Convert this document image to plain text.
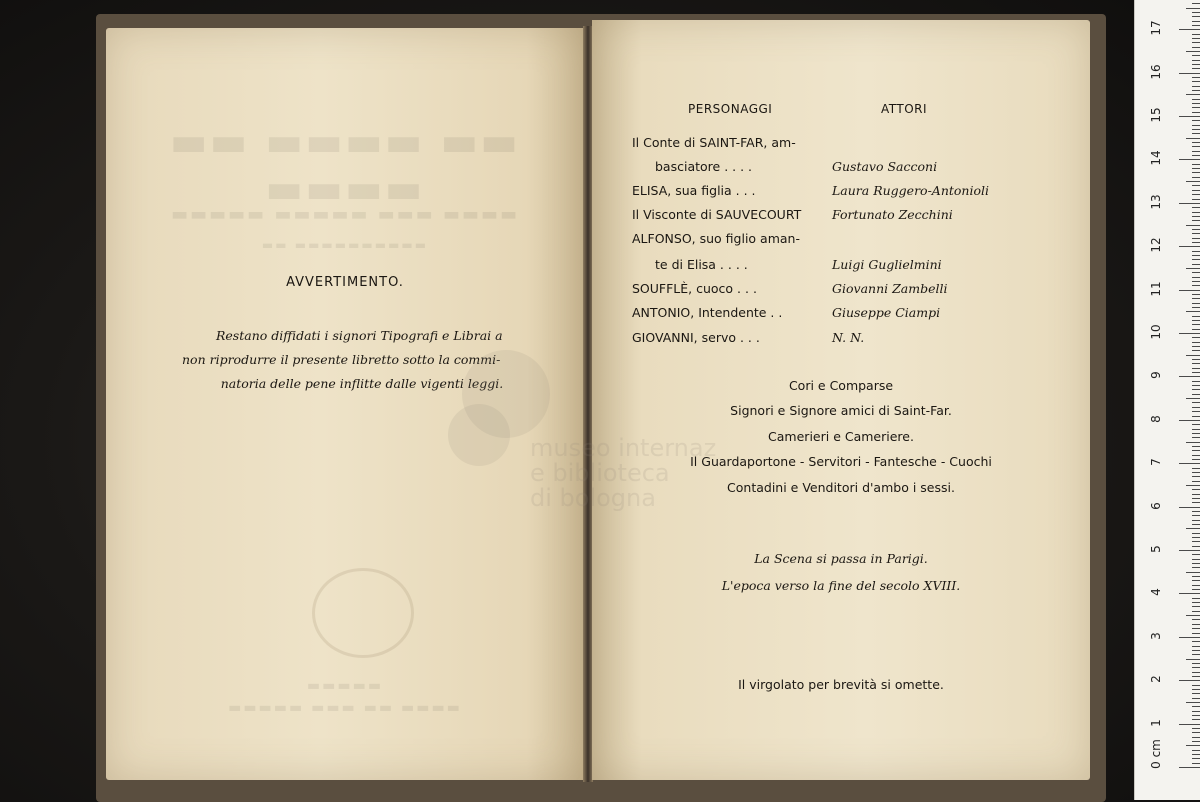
▬▬ ▬▬▬▬ ▬▬ ▬▬▬▬
▬▬▬▬▬ ▬▬▬▬▬ ▬▬▬ ▬▬▬▬
▬▬ ▬▬▬▬▬▬▬▬▬▬
▬▬▬▬▬
▬▬▬▬▬ ▬▬▬ ▬▬ ▬▬▬▬
AVVERTIMENTO.
Restano diffidati i signori Tipografi e Librai a
non riprodurre il presente libretto sotto la commi-
natoria delle pene inflitte dalle vigenti leggi.
PERSONAGGI	ATTORI
Il Conte di SAINT-FAR, am-
basciatore . . . .	Gustavo Sacconi
ELISA, sua figlia . . .	Laura Ruggero-Antonioli
Il Visconte di SAUVECOURT	Fortunato Zecchini
ALFONSO, suo figlio aman-
te di Elisa . . . .	Luigi Guglielmini
SOUFFLÈ, cuoco . . .	Giovanni Zambelli
ANTONIO, Intendente . .	Giuseppe Ciampi
GIOVANNI, servo . . .	N. N.
Cori e Comparse
Signori e Signore amici di Saint-Far.
Camerieri e Cameriere.
Il Guardaportone - Servitori - Fantesche - Cuochi
Contadini e Venditori d'ambo i sessi.
La Scena si passa in Parigi.
L'epoca verso la fine del secolo XVIII.
Il virgolato per brevità si omette.
museo internaz
e biblioteca
di bologna
0 cm
1
2
3
4
5
6
7
8
9
10
11
12
13
14
15
16
17
